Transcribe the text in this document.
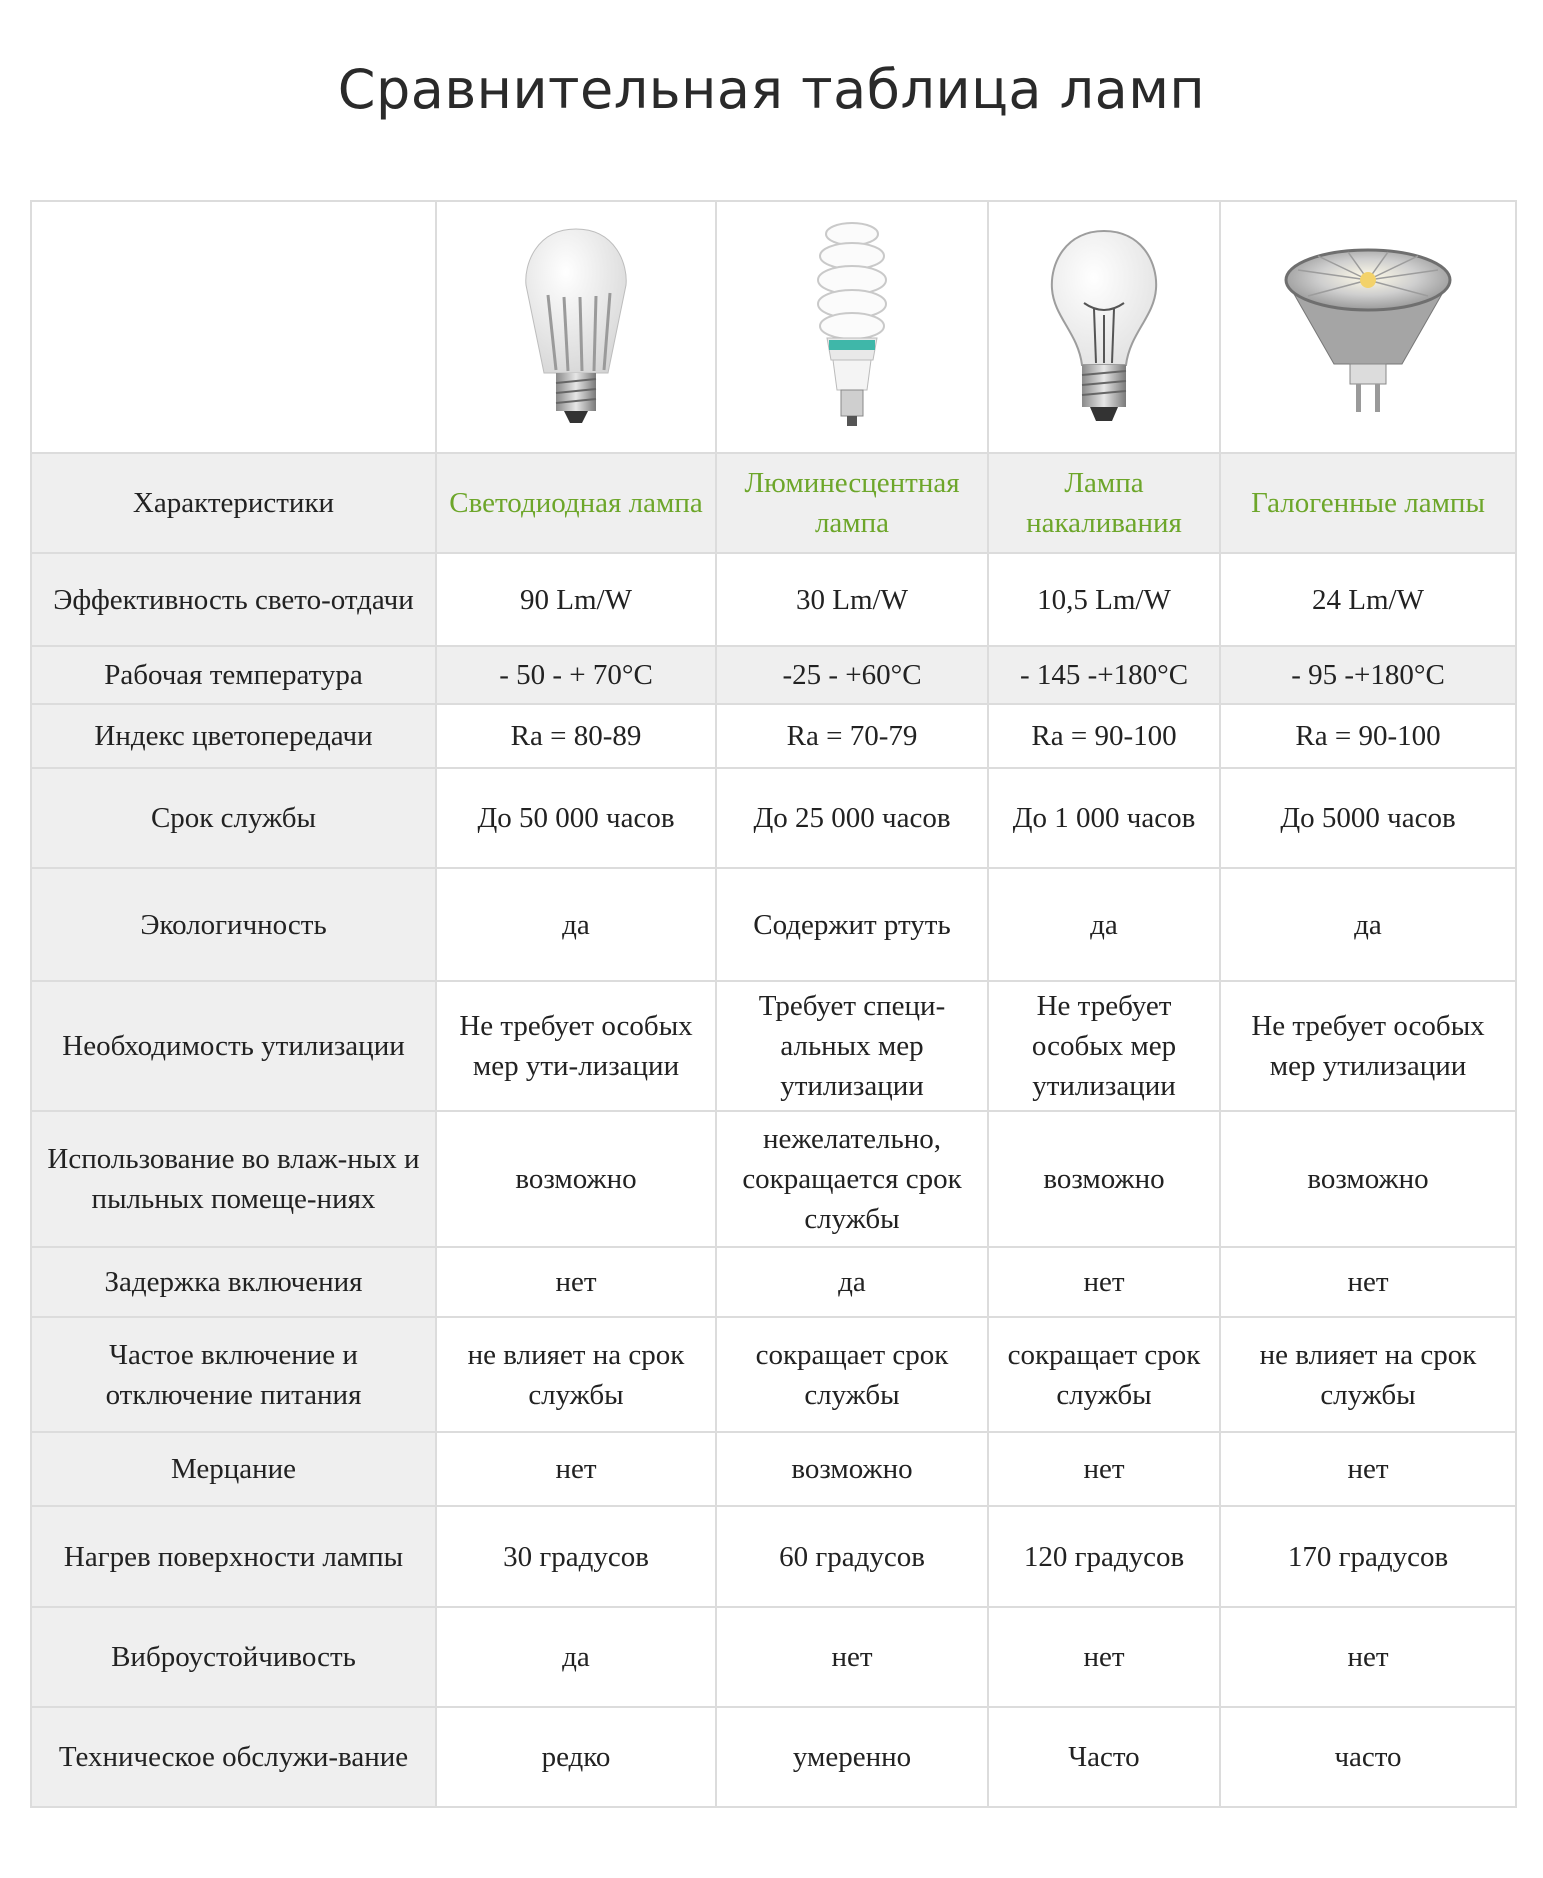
Сравнительная таблица ламп

Характеристики	Светодиодная лампа	Люминесцентная лампа	Лампа накаливания	Галогенные лампы
Эффективность свето-отдачи	90 Lm/W	30 Lm/W	10,5 Lm/W	24 Lm/W
Рабочая температура	- 50 - + 70°C	-25 - +60°C	- 145 -+180°C	- 95 -+180°C
Индекс цветопередачи	Ra = 80-89	Ra = 70-79	Ra = 90-100	Ra = 90-100
Срок службы	До 50 000 часов	До 25 000 часов	До 1 000 часов	До 5000 часов
Экологичность	да	Содержит ртуть	да	да
Необходимость утилизации	Не требует особых мер ути-лизации	Требует специ-альных мер утилизации	Не требует особых мер утилизации	Не требует особых мер утилизации
Использование во влаж-ных и пыльных помеще-ниях	возможно	нежелательно, сокращается срок службы	возможно	возможно
Задержка включения	нет	да	нет	нет
Частое включение и отключение питания	не влияет на срок службы	сокращает срок службы	сокращает срок службы	не влияет на срок службы
Мерцание	нет	возможно	нет	нет
Нагрев поверхности лампы	30 градусов	60 градусов	120 градусов	170 градусов
Виброустойчивость	да	нет	нет	нет
Техническое обслужи-вание	редко	умеренно	Часто	часто
